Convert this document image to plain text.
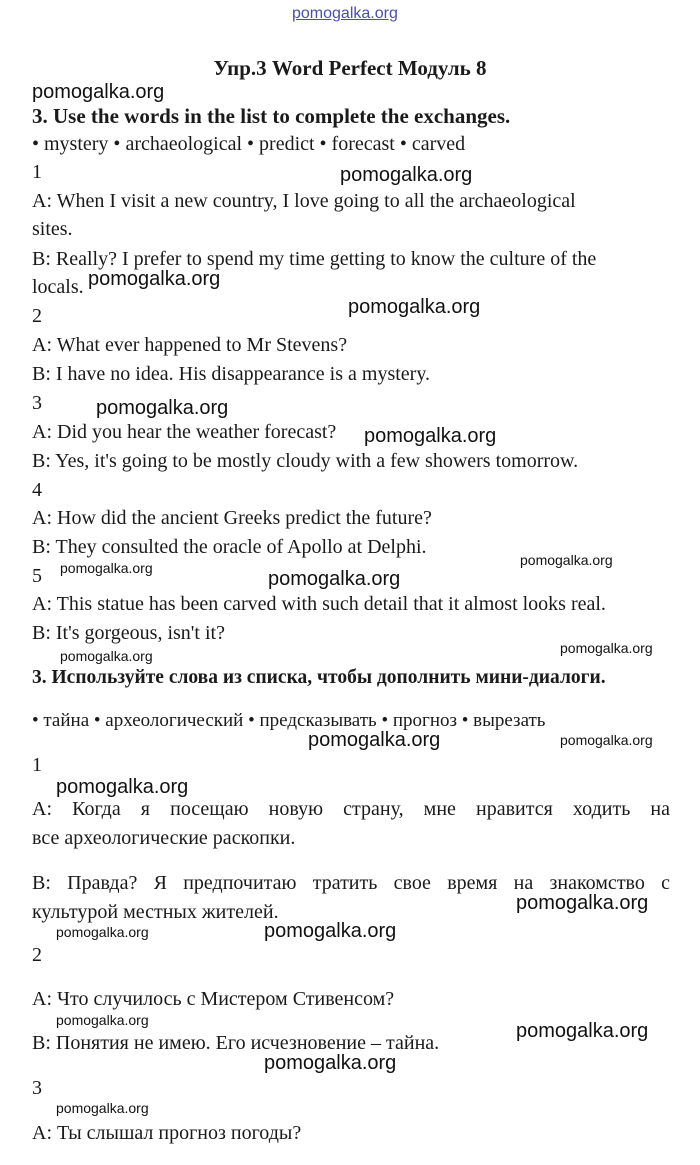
pomogalka.org
Упр.3 Word Perfect Модуль 8
3. Use the words in the list to complete the exchanges.
• mystery • archaeological • predict • forecast • carved
1
A: When I visit a new country, I love going to all the archaeological
sites.
B: Really? I prefer to spend my time getting to know the culture of the
locals.
2
A: What ever happened to Mr Stevens?
B: I have no idea. His disappearance is a mystery.
3
A: Did you hear the weather forecast?
B: Yes, it's going to be mostly cloudy with a few showers tomorrow.
4
A: How did the ancient Greeks predict the future?
B: They consulted the oracle of Apollo at Delphi.
5
A: This statue has been carved with such detail that it almost looks real.
B: It's gorgeous, isn't it?
3. Используйте слова из списка, чтобы дополнить мини-диалоги.
• тайна • археологический • предсказывать • прогноз • вырезать
1
А: Когда я посещаю новую страну, мне нравится ходить на
все археологические раскопки.
В: Правда? Я предпочитаю тратить свое время на знакомство с
культурой местных жителей.
2
А: Что случилось с Мистером Стивенсом?
В: Понятия не имею. Его исчезновение – тайна.
3
А: Ты слышал прогноз погоды?
pomogalka.org
pomogalka.org
pomogalka.org
pomogalka.org
pomogalka.org
pomogalka.org
pomogalka.org
pomogalka.org	pomogalka.org
pomogalka.org
pomogalka.org
pomogalka.org	pomogalka.org
pomogalka.org
pomogalka.org
pomogalka.org	pomogalka.org
pomogalka.org	pomogalka.org
pomogalka.org
pomogalka.org
